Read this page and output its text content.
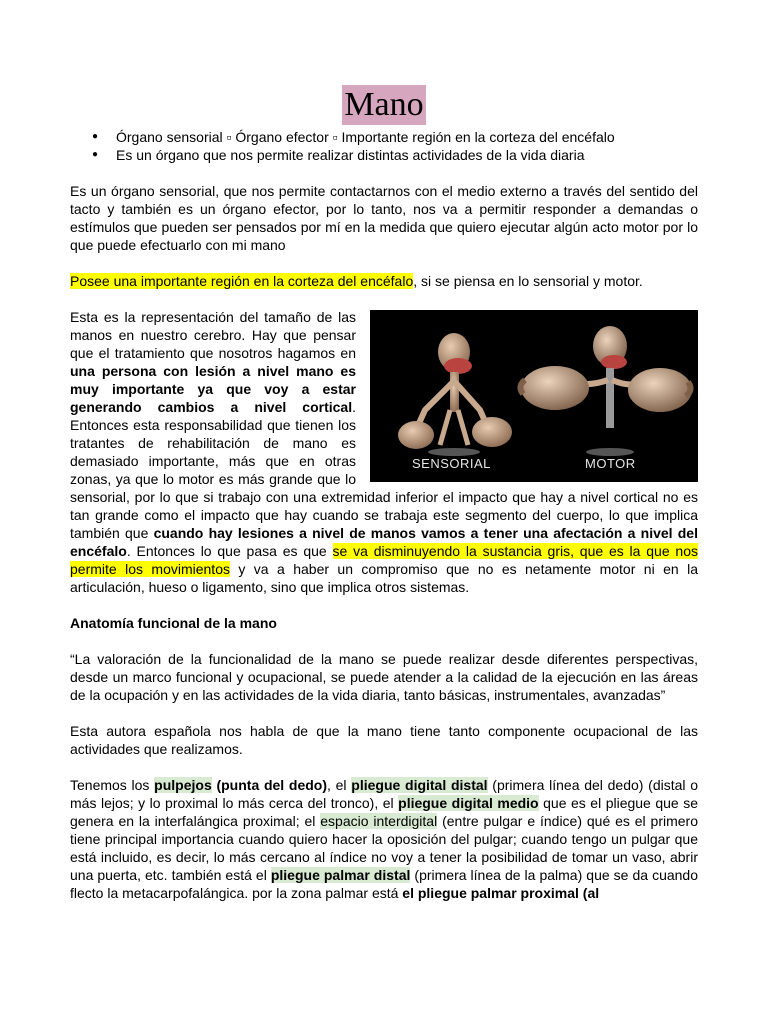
Mano
● Órgano sensorial ▫ Órgano efector ▫ Importante región en la corteza del encéfalo
● Es un órgano que nos permite realizar distintas actividades de la vida diaria

Es un órgano sensorial, que nos permite contactarnos con el medio externo a través del sentido del tacto y también es un órgano efector, por lo tanto, nos va a permitir responder a demandas o estímulos que pueden ser pensados por mí en la medida que quiero ejecutar algún acto motor por lo que puede efectuarlo con mi mano

Posee una importante región en la corteza del encéfalo, si se piensa en lo sensorial y motor.

SENSORIAL	MOTOR

Esta es la representación del tamaño de las manos en nuestro cerebro. Hay que pensar que el tratamiento que nosotros hagamos en una persona con lesión a nivel mano es muy importante ya que voy a estar generando cambios a nivel cortical. Entonces esta responsabilidad que tienen los tratantes de rehabilitación de mano es demasiado importante, más que en otras zonas, ya que lo motor es más grande que lo sensorial, por lo que si trabajo con una extremidad inferior el impacto que hay a nivel cortical no es tan grande como el impacto que hay cuando se trabaja este segmento del cuerpo, lo que implica también que cuando hay lesiones a nivel de manos vamos a tener una afectación a nivel del encéfalo. Entonces lo que pasa es que se va disminuyendo la sustancia gris, que es la que nos permite los movimientos y va a haber un compromiso que no es netamente motor ni en la articulación, hueso o ligamento, sino que implica otros sistemas.

Anatomía funcional de la mano

“La valoración de la funcionalidad de la mano se puede realizar desde diferentes perspectivas, desde un marco funcional y ocupacional, se puede atender a la calidad de la ejecución en las áreas de la ocupación y en las actividades de la vida diaria, tanto básicas, instrumentales, avanzadas”

Esta autora española nos habla de que la mano tiene tanto componente ocupacional de las actividades que realizamos.

Tenemos los pulpejos (punta del dedo), el pliegue digital distal (primera línea del dedo) (distal o más lejos; y lo proximal lo más cerca del tronco), el pliegue digital medio que es el pliegue que se genera en la interfalángica proximal; el espacio interdigital (entre pulgar e índice) qué es el primero tiene principal importancia cuando quiero hacer la oposición del pulgar; cuando tengo un pulgar que está incluido, es decir, lo más cercano al índice no voy a tener la posibilidad de tomar un vaso, abrir una puerta, etc. también está el pliegue palmar distal (primera línea de la palma) que se da cuando flecto la metacarpofalángica. por la zona palmar está el pliegue palmar proximal (al
